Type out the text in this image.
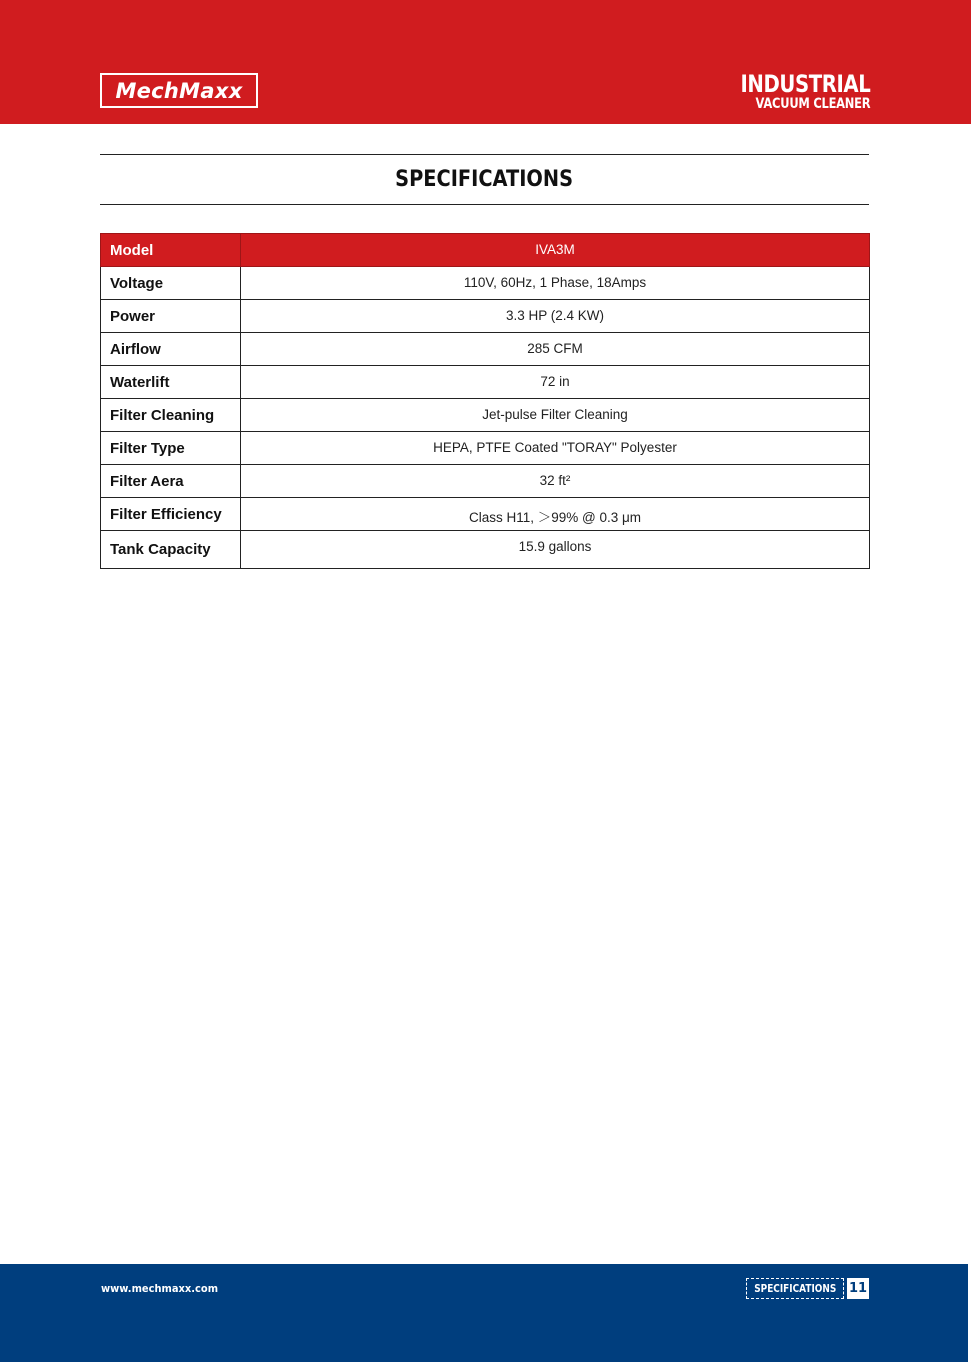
MechMaxx	INDUSTRIAL
VACUUM CLEANER
SPECIFICATIONS
Model	IVA3M
Voltage	110V, 60Hz, 1 Phase, 18Amps
Power	3.3 HP (2.4 KW)
Airflow	285 CFM
Waterlift	72 in
Filter Cleaning	Jet-pulse Filter Cleaning
Filter Type	HEPA, PTFE Coated "TORAY" Polyester
Filter Aera	32 ft²
Filter Efficiency	Class H11, ＞99% @ 0.3 μm
Tank Capacity	15.9 gallons
www.mechmaxx.com	SPECIFICATIONS 11
